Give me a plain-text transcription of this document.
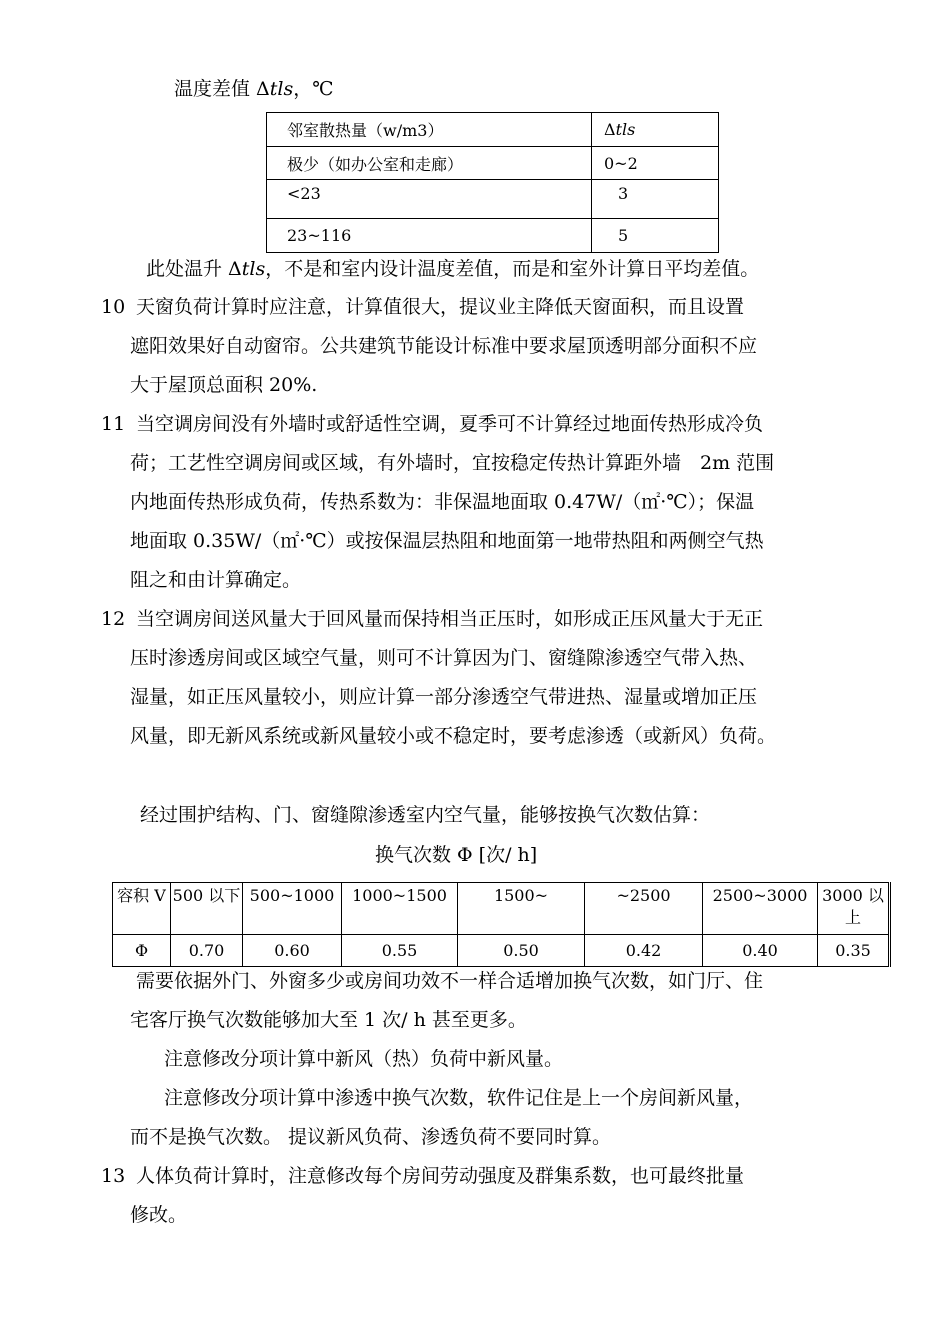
温度差值 Δtls，℃
邻室散热量（w/m3）	Δtls
极少（如办公室和走廊）	0~2
<23	3
23~116	5
此处温升 Δtls，不是和室内设计温度差值，而是和室外计算日平均差值。
10 天窗负荷计算时应注意，计算值很大，提议业主降低天窗面积，而且设置
遮阳效果好自动窗帘。公共建筑节能设计标准中要求屋顶透明部分面积不应
大于屋顶总面积 20%.
11 当空调房间没有外墙时或舒适性空调，夏季可不计算经过地面传热形成冷负
荷；工艺性空调房间或区域，有外墙时，宜按稳定传热计算距外墙　2m 范围
内地面传热形成负荷，传热系数为：非保温地面取 0.47W/（㎡·℃）；保温
地面取 0.35W/（㎡·℃）或按保温层热阻和地面第一地带热阻和两侧空气热
阻之和由计算确定。
12 当空调房间送风量大于回风量而保持相当正压时，如形成正压风量大于无正
压时渗透房间或区域空气量，则可不计算因为门、窗缝隙渗透空气带入热、
湿量，如正压风量较小，则应计算一部分渗透空气带进热、湿量或增加正压
风量，即无新风系统或新风量较小或不稳定时，要考虑渗透（或新风）负荷。
经过围护结构、门、窗缝隙渗透室内空气量，能够按换气次数估算：
换气次数 Φ [次/ h]
容积 V	500 以下	500~1000	1000~1500	1500~	~2500	2500~3000	3000 以上
Φ	0.70	0.60	0.55	0.50	0.42	0.40	0.35
需要依据外门、外窗多少或房间功效不一样合适增加换气次数，如门厅、住
宅客厅换气次数能够加大至 1 次/ h 甚至更多。
注意修改分项计算中新风（热）负荷中新风量。
注意修改分项计算中渗透中换气次数，软件记住是上一个房间新风量，
而不是换气次数。 提议新风负荷、渗透负荷不要同时算。
13 人体负荷计算时，注意修改每个房间劳动强度及群集系数，也可最终批量
修改。
